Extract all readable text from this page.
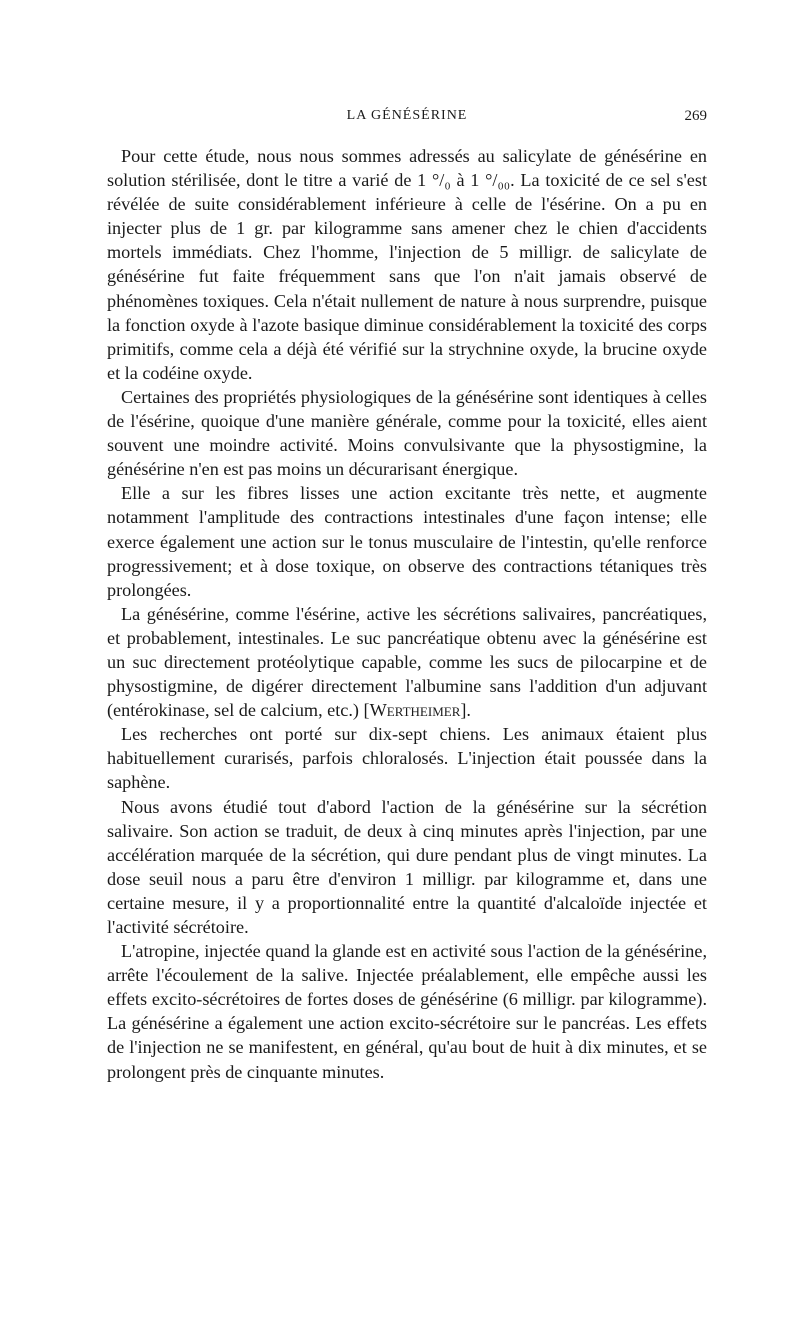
LA GÉNÉSÉRINE	269

Pour cette étude, nous nous sommes adressés au salicylate de génésérine en solution stérilisée, dont le titre a varié de 1 °/₀ à 1 °/₀₀. La toxicité de ce sel s'est révélée de suite considérablement inférieure à celle de l'ésérine. On a pu en injecter plus de 1 gr. par kilogramme sans amener chez le chien d'accidents mortels immédiats. Chez l'homme, l'injection de 5 milligr. de salicylate de génésérine fut faite fréquemment sans que l'on n'ait jamais observé de phénomènes toxiques. Cela n'était nullement de nature à nous surprendre, puisque la fonction oxyde à l'azote basique diminue considérablement la toxicité des corps primitifs, comme cela a déjà été vérifié sur la strychnine oxyde, la brucine oxyde et la codéine oxyde.

Certaines des propriétés physiologiques de la génésérine sont identiques à celles de l'ésérine, quoique d'une manière générale, comme pour la toxicité, elles aient souvent une moindre activité. Moins convulsivante que la physostigmine, la génésérine n'en est pas moins un décurarisant énergique.

Elle a sur les fibres lisses une action excitante très nette, et augmente notamment l'amplitude des contractions intestinales d'une façon intense; elle exerce également une action sur le tonus musculaire de l'intestin, qu'elle renforce progressivement; et à dose toxique, on observe des contractions tétaniques très prolongées.

La génésérine, comme l'ésérine, active les sécrétions salivaires, pancréatiques, et probablement, intestinales. Le suc pancréatique obtenu avec la génésérine est un suc directement protéolytique capable, comme les sucs de pilocarpine et de physostigmine, de digérer directement l'albumine sans l'addition d'un adjuvant (entérokinase, sel de calcium, etc.) [Wertheimer].

Les recherches ont porté sur dix-sept chiens. Les animaux étaient plus habituellement curarisés, parfois chloralosés. L'injection était poussée dans la saphène.

Nous avons étudié tout d'abord l'action de la génésérine sur la sécrétion salivaire. Son action se traduit, de deux à cinq minutes après l'injection, par une accélération marquée de la sécrétion, qui dure pendant plus de vingt minutes. La dose seuil nous a paru être d'environ 1 milligr. par kilogramme et, dans une certaine mesure, il y a proportionnalité entre la quantité d'alcaloïde injectée et l'activité sécrétoire.

L'atropine, injectée quand la glande est en activité sous l'action de la génésérine, arrête l'écoulement de la salive. Injectée préalablement, elle empêche aussi les effets excito-sécrétoires de fortes doses de génésérine (6 milligr. par kilogramme). La génésérine a également une action excito-sécrétoire sur le pancréas. Les effets de l'injection ne se manifestent, en général, qu'au bout de huit à dix minutes, et se prolongent près de cinquante minutes.
